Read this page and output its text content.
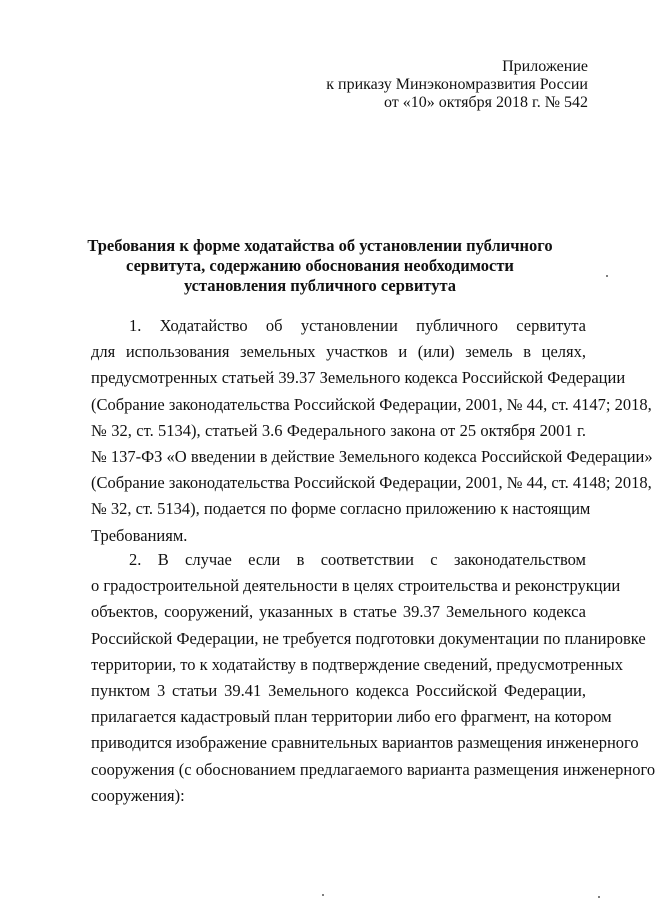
Приложение
к приказу Минэкономразвития России
от «10» октября 2018 г. № 542
Требования к форме ходатайства об установлении публичного
сервитута, содержанию обоснования необходимости
установления публичного сервитута
1. Ходатайство об установлении публичного сервитута
для использования земельных участков и (или) земель в целях,
предусмотренных статьей 39.37 Земельного кодекса Российской Федерации
(Собрание законодательства Российской Федерации, 2001, № 44, ст. 4147; 2018,
№ 32, ст. 5134), статьей 3.6 Федерального закона от 25 октября 2001 г.
№ 137-ФЗ «О введении в действие Земельного кодекса Российской Федерации»
(Собрание законодательства Российской Федерации, 2001, № 44, ст. 4148; 2018,
№ 32, ст. 5134), подается по форме согласно приложению к настоящим
Требованиям.
2. В случае если в соответствии с законодательством
о градостроительной деятельности в целях строительства и реконструкции
объектов, сооружений, указанных в статье 39.37 Земельного кодекса
Российской Федерации, не требуется подготовки документации по планировке
территории, то к ходатайству в подтверждение сведений, предусмотренных
пунктом 3 статьи 39.41 Земельного кодекса Российской Федерации,
прилагается кадастровый план территории либо его фрагмент, на котором
приводится изображение сравнительных вариантов размещения инженерного
сооружения (с обоснованием предлагаемого варианта размещения инженерного
сооружения):
